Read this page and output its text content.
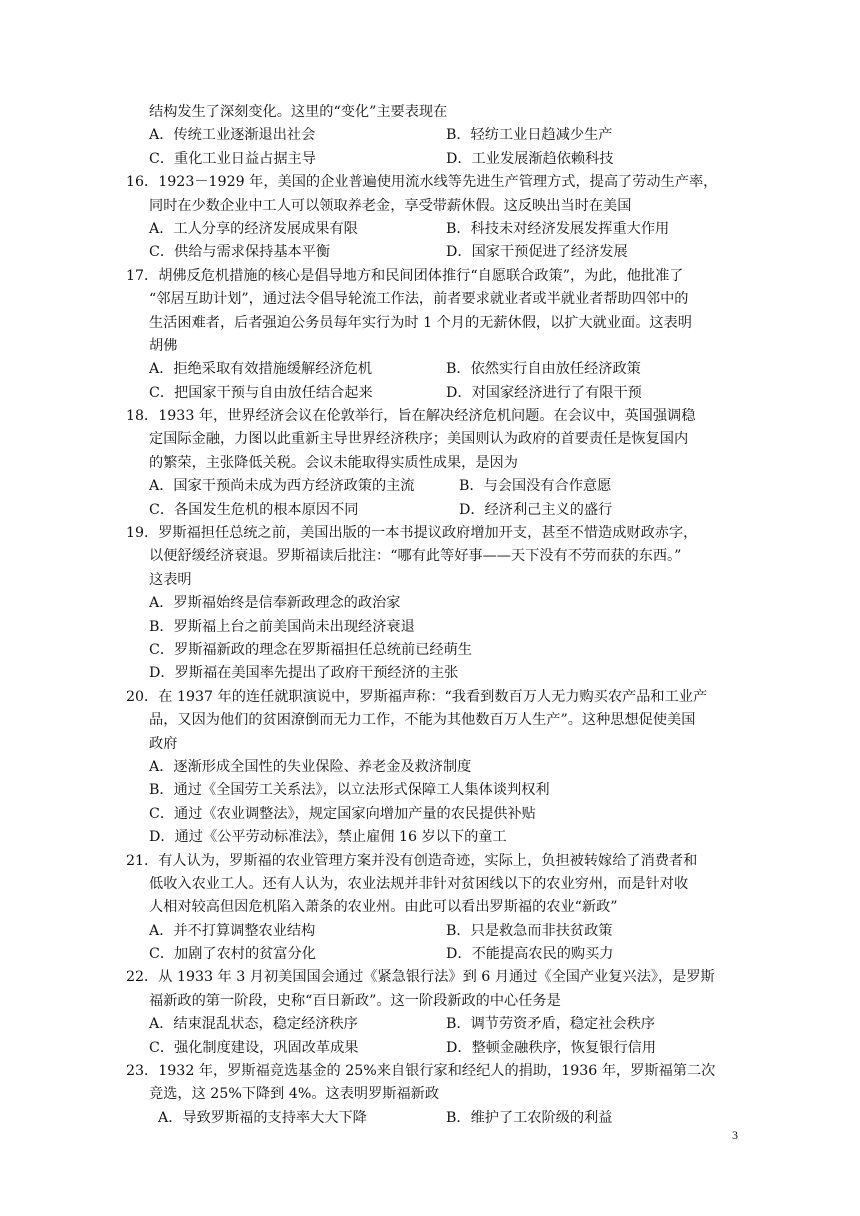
结构发生了深刻变化。这里的“变化”主要表现在
A．传统工业逐渐退出社会	B．轻纺工业日趋减少生产
C．重化工业日益占据主导	D．工业发展渐趋依赖科技
16．1923－1929 年，美国的企业普遍使用流水线等先进生产管理方式，提高了劳动生产率，
同时在少数企业中工人可以领取养老金，享受带薪休假。这反映出当时在美国
A．工人分享的经济发展成果有限	B．科技未对经济发展发挥重大作用
C．供给与需求保持基本平衡	D．国家干预促进了经济发展
17．胡佛反危机措施的核心是倡导地方和民间团体推行“自愿联合政策”，为此，他批准了
“邻居互助计划”，通过法令倡导轮流工作法，前者要求就业者或半就业者帮助四邻中的
生活困难者，后者强迫公务员每年实行为时 1 个月的无薪休假，以扩大就业面。这表明
胡佛
A．拒绝采取有效措施缓解经济危机	B．依然实行自由放任经济政策
C．把国家干预与自由放任结合起来	D．对国家经济进行了有限干预
18．1933 年，世界经济会议在伦敦举行，旨在解决经济危机问题。在会议中，英国强调稳
定国际金融，力图以此重新主导世界经济秩序；美国则认为政府的首要责任是恢复国内
的繁荣，主张降低关税。会议未能取得实质性成果，是因为
A．国家干预尚未成为西方经济政策的主流	B．与会国没有合作意愿
C．各国发生危机的根本原因不同	D．经济利己主义的盛行
19．罗斯福担任总统之前，美国出版的一本书提议政府增加开支，甚至不惜造成财政赤字，
以便舒缓经济衰退。罗斯福读后批注：“哪有此等好事——天下没有不劳而获的东西。”
这表明
A．罗斯福始终是信奉新政理念的政治家
B．罗斯福上台之前美国尚未出现经济衰退
C．罗斯福新政的理念在罗斯福担任总统前已经萌生
D．罗斯福在美国率先提出了政府干预经济的主张
20．在 1937 年的连任就职演说中，罗斯福声称：“我看到数百万人无力购买农产品和工业产
品，又因为他们的贫困潦倒而无力工作，不能为其他数百万人生产”。这种思想促使美国
政府
A．逐渐形成全国性的失业保险、养老金及救济制度
B．通过《全国劳工关系法》，以立法形式保障工人集体谈判权利
C．通过《农业调整法》，规定国家向增加产量的农民提供补贴
D．通过《公平劳动标准法》，禁止雇佣 16 岁以下的童工
21．有人认为，罗斯福的农业管理方案并没有创造奇迹，实际上，负担被转嫁给了消费者和
低收入农业工人。还有人认为，农业法规并非针对贫困线以下的农业穷州，而是针对收
人相对较高但因危机陷入萧条的农业州。由此可以看出罗斯福的农业“新政”
A．并不打算调整农业结构	B．只是救急而非扶贫政策
C．加剧了农村的贫富分化	D．不能提高农民的购买力
22．从 1933 年 3 月初美国国会通过《紧急银行法》到 6 月通过《全国产业复兴法》，是罗斯
福新政的第一阶段，史称“百日新政”。这一阶段新政的中心任务是
A．结束混乱状态，稳定经济秩序	B．调节劳资矛盾，稳定社会秩序
C．强化制度建设，巩固改革成果	D．整顿金融秩序，恢复银行信用
23．1932 年，罗斯福竞选基金的 25%来自银行家和经纪人的捐助，1936 年，罗斯福第二次
竞选，这 25%下降到 4%。这表明罗斯福新政
A．导致罗斯福的支持率大大下降	B．维护了工农阶级的利益
3
